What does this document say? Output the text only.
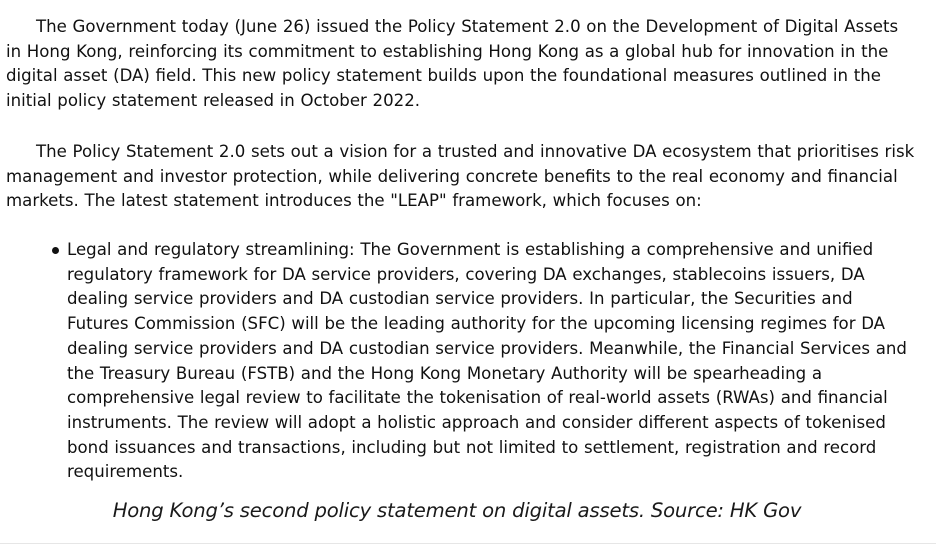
The Government today (June 26) issued the Policy Statement 2.0 on the Development of Digital Assets in Hong Kong, reinforcing its commitment to establishing Hong Kong as a global hub for innovation in the digital asset (DA) field. This new policy statement builds upon the foundational measures outlined in the initial policy statement released in October 2022.

The Policy Statement 2.0 sets out a vision for a trusted and innovative DA ecosystem that prioritises risk management and investor protection, while delivering concrete benefits to the real economy and financial markets. The latest statement introduces the "LEAP" framework, which focuses on:

Legal and regulatory streamlining: The Government is establishing a comprehensive and unified regulatory framework for DA service providers, covering DA exchanges, stablecoins issuers, DA dealing service providers and DA custodian service providers. In particular, the Securities and Futures Commission (SFC) will be the leading authority for the upcoming licensing regimes for DA dealing service providers and DA custodian service providers. Meanwhile, the Financial Services and the Treasury Bureau (FSTB) and the Hong Kong Monetary Authority will be spearheading a comprehensive legal review to facilitate the tokenisation of real-world assets (RWAs) and financial instruments. The review will adopt a holistic approach and consider different aspects of tokenised bond issuances and transactions, including but not limited to settlement, registration and record requirements.
Hong Kong’s second policy statement on digital assets. Source: HK Gov
